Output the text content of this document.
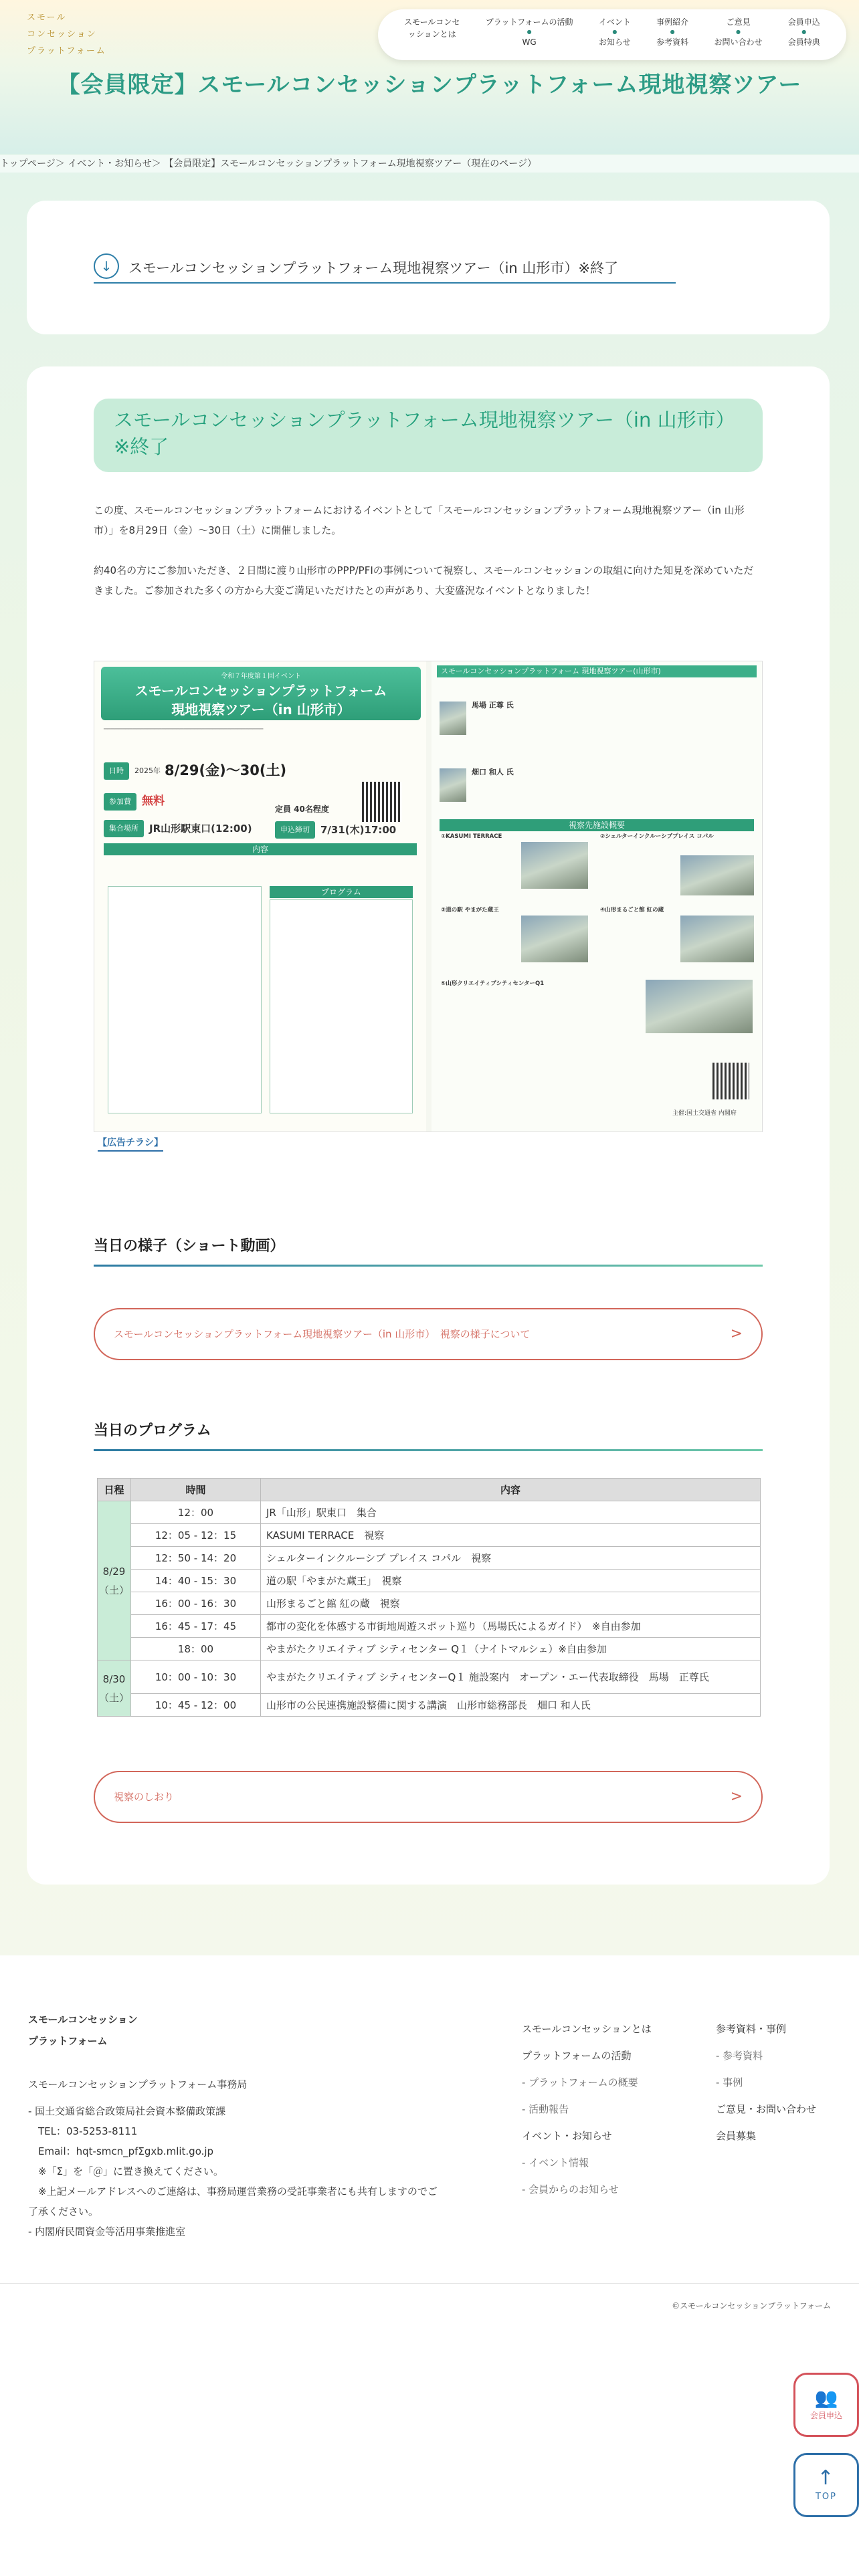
スモール
コンセッション
プラットフォーム
スモールコンセ
ッションとは
プラットフォームの活動
●
WG
イベント
●
お知らせ
事例紹介
●
参考資料
ご意見
●
お問い合わせ
会員申込
●
会員特典
【会員限定】スモールコンセッションプラットフォーム現地視察ツアー
トップページ＞ イベント・お知らせ＞ 【会員限定】スモールコンセッションプラットフォーム現地視察ツアー（現在のページ）
↓	スモールコンセッションプラットフォーム現地視察ツアー（in 山形市）※終了
スモールコンセッションプラットフォーム現地視察ツアー（in 山形市）※終了

この度、スモールコンセッションプラットフォームにおけるイベントとして「スモールコンセッションプラットフォーム現地視察ツアー（in 山形市）」を8月29日（金）～30日（土）に開催しました。

約40名の方にご参加いただき、２日間に渡り山形市のPPP/PFIの事例について視察し、スモールコンセッションの取組に向けた知見を深めていただきました。ご参加された多くの方から大変ご満足いただけたとの声があり、大変盛況なイベントとなりました！

令和７年度第１回イベント
スモールコンセッションプラットフォーム
現地視察ツアー（in 山形市）
────────────────────────────────────────────
日時	2025年 8/29(金)～30(土)
参加費 無料
集合場所	JR山形駅東口(12:00)
定員 40名程度
申込締切	7/31(木)17:00
内容
プログラム
スモールコンセッションプラットフォーム 現地視察ツアー(山形市)
馬場 正尊 氏
畑口 和人 氏
視察先施設概要
①KASUMI TERRACE	②シェルターインクルーシブプレイス コパル
③道の駅 やまがた蔵王	④山形まるごと館 紅の蔵
⑤山形クリエイティブシティセンターQ1
主催:国土交通省 内閣府
【広告チラシ】
当日の様子（ショート動画）
スモールコンセッションプラットフォーム現地視察ツアー（in 山形市）　視察の様子について	>
当日のプログラム
日程	時間	内容
8/29（土）	12：00	JR「山形」駅東口　集合
	12：05 - 12：15	KASUMI TERRACE　視察
	12：50 - 14：20	シェルターインクルーシブ プレイス コパル　視察
	14：40 - 15：30	道の駅「やまがた蔵王」　視察
	16：00 - 16：30	山形まるごと館 紅の蔵　視察
	16：45 - 17：45	都市の変化を体感する市街地周遊スポット巡り（馬場氏によるガイド）　※自由参加
	18：00	やまがたクリエイティブ シティセンター Q１（ナイトマルシェ）※自由参加
8/30（土）	10：00 - 10：30	やまがたクリエイティブ シティセンターQ１ 施設案内　オープン・エー代表取締役　馬場　正尊氏
	10：45 - 12：00	山形市の公民連携施設整備に関する講演　山形市総務部長　畑口 和人氏
視察のしおり	>
スモールコンセッション
プラットフォーム
スモールコンセッションプラットフォーム事務局
- 国土交通省総合政策局社会資本整備政策課
　TEL：03-5253-8111
　Email：hqt-smcn_pfΣgxb.mlit.go.jp
　※「Σ」を「＠」に置き換えてください。
　※上記メールアドレスへのご連絡は、事務局運営業務の受託事業者にも共有しますのでご了承ください。
- 内閣府民間資金等活用事業推進室
スモールコンセッションとは
プラットフォームの活動
- プラットフォームの概要
- 活動報告
イベント・お知らせ
- イベント情報
- 会員からのお知らせ
参考資料・事例
- 参考資料
- 事例
ご意見・お問い合わせ
会員募集
©スモールコンセッションプラットフォーム
👥
会員申込
↑
TOP
